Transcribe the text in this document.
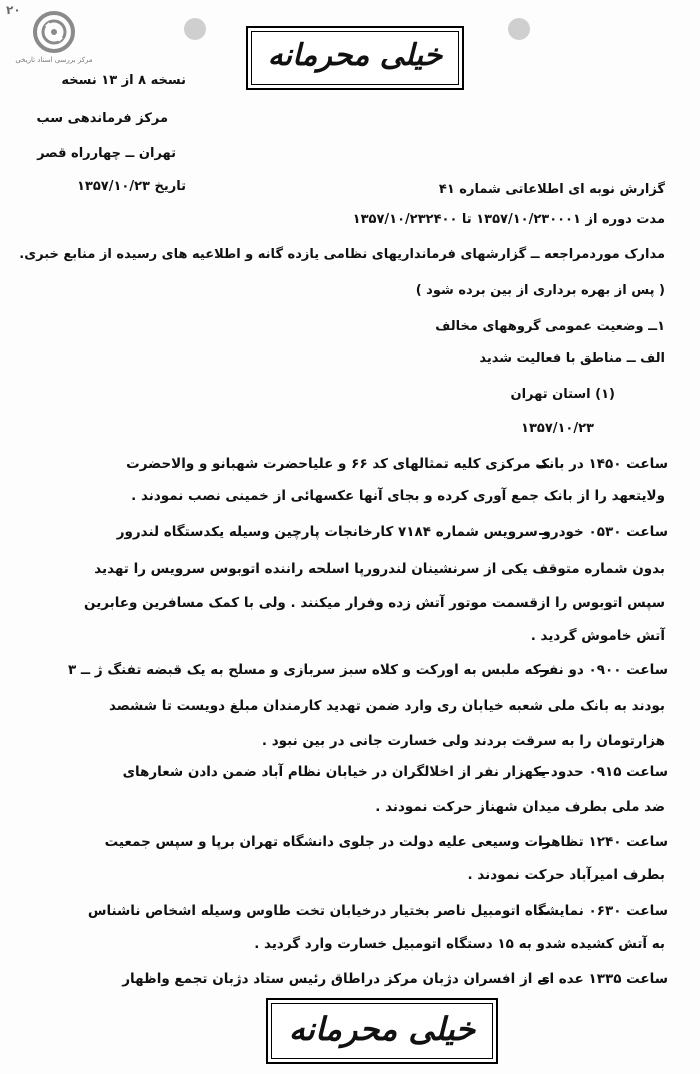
مرکز بررسی اسناد تاریخی
۲۰
خیلی محرمانه
نسخه ۸ از ۱۳ نسخه
مرکز فرماندهی سب
تهران ــ چهارراه قصر
تاریخ ۱۳۵۷/۱۰/۲۳	گزارش نوبه ای اطلاعاتی شماره ۴۱
مدت دوره از ۱۳۵۷/۱۰/۲۳۰۰۰۱ تا ۱۳۵۷/۱۰/۲۳۲۴۰۰
مدارک موردمراجعه ــ گزارشهای فرمانداریهای نظامی یازده گانه و اطلاعیه های رسیده از منابع خبری.
( پس از بهره برداری از بین برده شود )
۱ــ وضعیت عمومی گروههای مخالف
الف ــ مناطق با فعالیت شدید
(۱) استان تهران
۱۳۵۷/۱۰/۲۳
ساعت ۱۴۵۰ در بانک مرکزی کلیه تمثالهای کد ۶۶ و علیاحضرت شهبانو و والاحضرت
ولایتعهد را از بانک جمع آوری کرده و بجای آنها عکسهائی از خمینی نصب نمودند .
ساعت ۰۵۳۰ خودرو سرویس شماره ۷۱۸۴ کارخانجات پارچین وسیله یکدستگاه لندرور
بدون شماره متوقف یکی از سرنشینان لندرورپا اسلحه راننده اتوبوس سرویس را تهدید
سپس اتوبوس را ازقسمت موتور آتش زده وفرار میکنند . ولی با کمک مسافرین وعابرین
آتش خاموش گردید .
ساعت ۰۹۰۰ دو نفرکه ملبس به اورکت و کلاه سبز سربازی و مسلح به یک قبضه تفنگ ژ ــ ۳
بودند به بانک ملی شعبه خیابان ری وارد ضمن تهدید کارمندان مبلغ دویست تا ششصد
هزارتومان را به سرقت بردند ولی خسارت جانی در بین نبود .
ساعت ۰۹۱۵ حدود یکهزار نفر از اخلالگران در خیابان نظام آباد ضمن دادن شعارهای
ضد ملی بطرف میدان شهناز حرکت نمودند .
ساعت ۱۲۴۰ تظاهرات وسیعی علیه دولت در جلوی دانشگاه تهران برپا و سپس جمعیت
بطرف امیرآباد حرکت نمودند .
ساعت ۰۶۳۰ نمایشگاه اتومبیل ناصر بختیار درخیابان تخت طاوس وسیله اشخاص ناشناس
به آتش کشیده شدو به ۱۵ دستگاه اتومبیل خسارت وارد گردید .
ساعت ۱۳۳۵ عده ای از افسران دژبان مرکز دراطاق رئیس ستاد دژبان تجمع واظهار
خیلی محرمانه
